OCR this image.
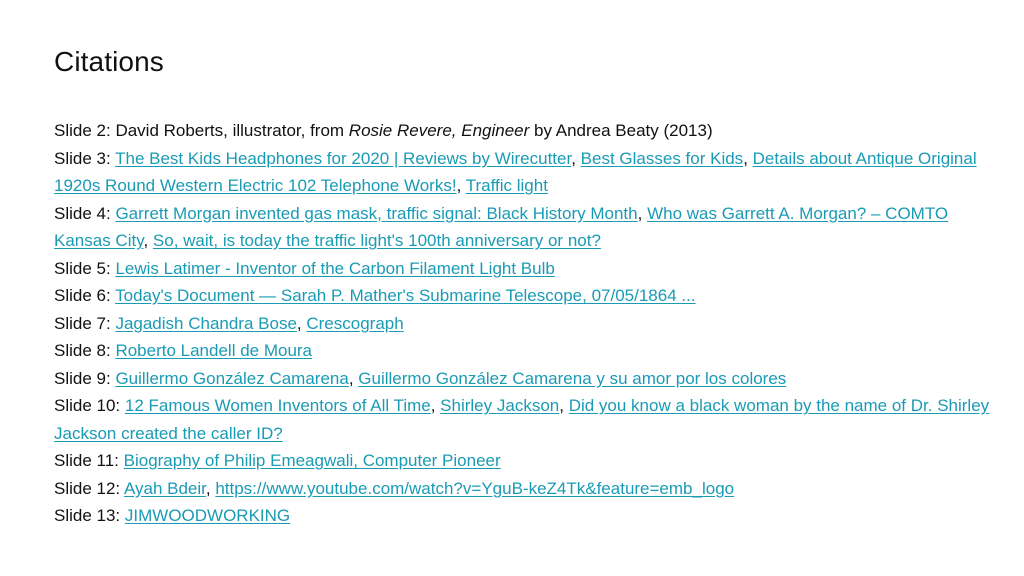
Citations
Slide 2: David Roberts, illustrator, from Rosie Revere, Engineer by Andrea Beaty (2013)
Slide 3: The Best Kids Headphones for 2020 | Reviews by Wirecutter, Best Glasses for Kids, Details about Antique Original 1920s Round Western Electric 102 Telephone Works!, Traffic light
Slide 4: Garrett Morgan invented gas mask, traffic signal: Black History Month, Who was Garrett A. Morgan? – COMTO Kansas City, So, wait, is today the traffic light's 100th anniversary or not?
Slide 5: Lewis Latimer - Inventor of the Carbon Filament Light Bulb
Slide 6: Today's Document — Sarah P. Mather's Submarine Telescope, 07/05/1864 ...
Slide 7: Jagadish Chandra Bose, Crescograph
Slide 8: Roberto Landell de Moura
Slide 9: Guillermo González Camarena, Guillermo González Camarena y su amor por los colores
Slide 10: 12 Famous Women Inventors of All Time, Shirley Jackson, Did you know a black woman by the name of Dr. Shirley Jackson created the caller ID?
Slide 11: Biography of Philip Emeagwali, Computer Pioneer
Slide 12: Ayah Bdeir, https://www.youtube.com/watch?v=YguB-keZ4Tk&feature=emb_logo
Slide 13: JIMWOODWORKING
